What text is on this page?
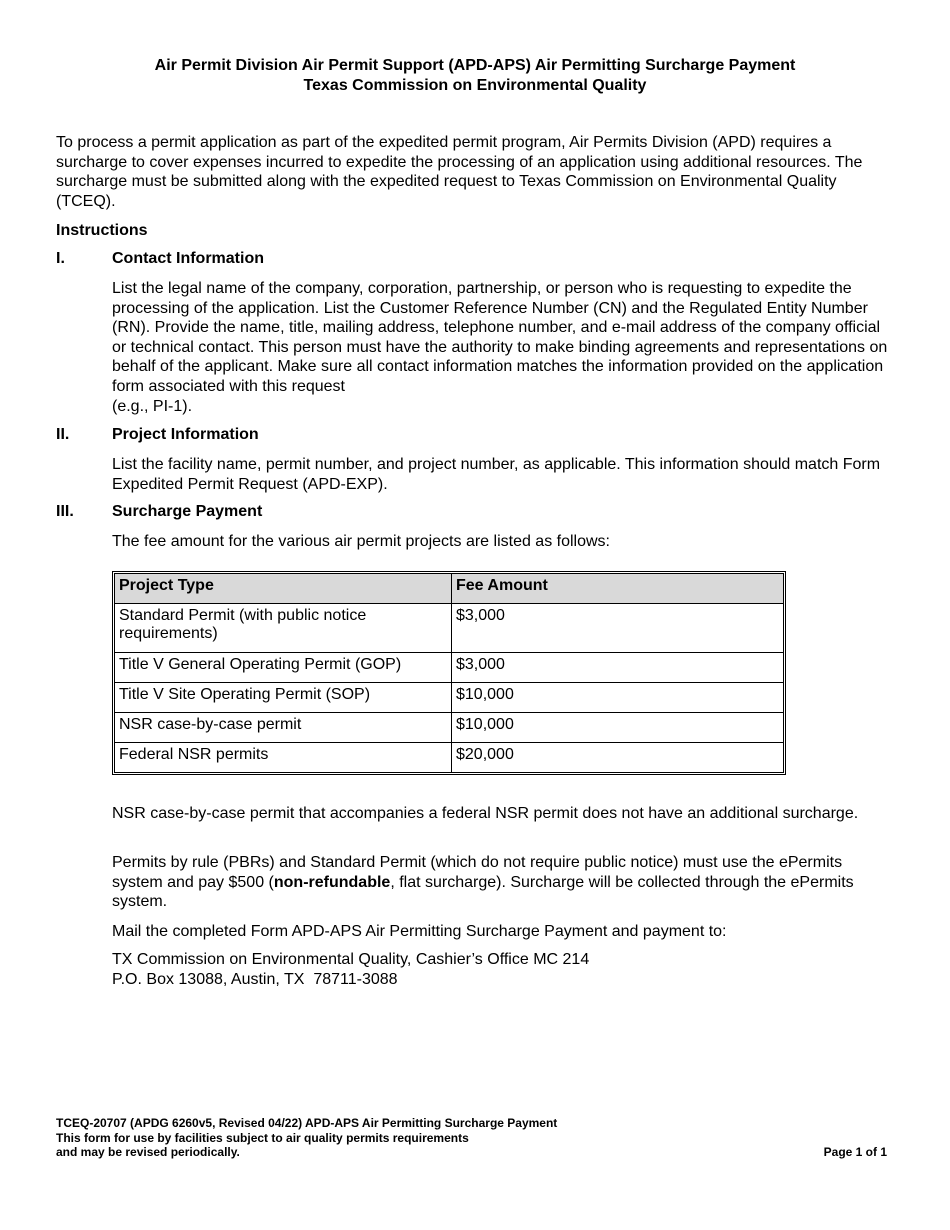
Air Permit Division Air Permit Support (APD-APS) Air Permitting Surcharge Payment
Texas Commission on Environmental Quality

To process a permit application as part of the expedited permit program, Air Permits Division (APD) requires a surcharge to cover expenses incurred to expedite the processing of an application using additional resources. The surcharge must be submitted along with the expedited request to Texas Commission on Environmental Quality (TCEQ).

Instructions
I.	Contact Information

List the legal name of the company, corporation, partnership, or person who is requesting to expedite the processing of the application. List the Customer Reference Number (CN) and the Regulated Entity Number (RN). Provide the name, title, mailing address, telephone number, and e-mail address of the company official or technical contact. This person must have the authority to make binding agreements and representations on behalf of the applicant. Make sure all contact information matches the information provided on the application form associated with this request

(e.g., PI-1).

II.	Project Information

List the facility name, permit number, and project number, as applicable. This information should match Form Expedited Permit Request (APD-EXP).

III. Surcharge Payment

The fee amount for the various air permit projects are listed as follows:

Project Type	Fee Amount
Standard Permit (with public notice requirements)	$3,000
Title V General Operating Permit (GOP)	$3,000
Title V Site Operating Permit (SOP)	$10,000
NSR case-by-case permit	$10,000
Federal NSR permits	$20,000

NSR case-by-case permit that accompanies a federal NSR permit does not have an additional surcharge.

Permits by rule (PBRs) and Standard Permit (which do not require public notice) must use the ePermits system and pay $500 (non-refundable, flat surcharge). Surcharge will be collected through the ePermits system.

Mail the completed Form APD-APS Air Permitting Surcharge Payment and payment to:

TX Commission on Environmental Quality, Cashier’s Office MC 214
P.O. Box 13088, Austin, TX  78711-3088
TCEQ-20707 (APDG 6260v5, Revised 04/22) APD-APS Air Permitting Surcharge Payment
This form for use by facilities subject to air quality permits requirements
and may be revised periodically.	Page 1 of 1
